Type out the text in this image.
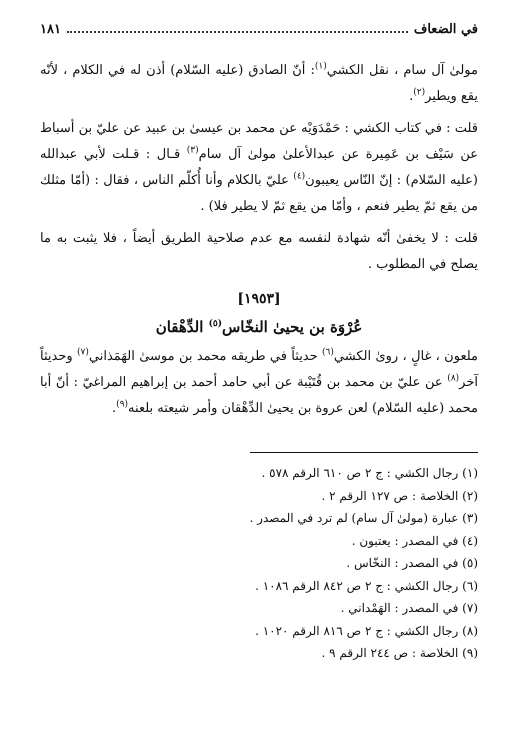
في الضعاف
١٨١

مولىٰ آل سام ، نقل الكشي$^{(١)}$: أنّ الصادق (عليه السّلام) أذن له في الكلام ، لأنّه يقع ويطير$^{(٢)}$.

قلت : في كتاب الكشي : حَمْدَوَيْه عن محمد بن عيسىٰ بن عبيد عن عليّ بن أسباط عن سَيْف بن عَمِيرة عن عبدالأعلىٰ مولىٰ آل سام$^{(٣)}$ قـال : قـلت لأبي عبدالله (عليه السّلام) : إنّ النّاس يعيبون$^{(٤)}$ عليّ بالكلام وأنا أُكلّم الناس ، فقال : (أمّا مثلك من يقع ثمّ يطير فنعم ، وأمّا من يقع ثمّ لا يطير فلا) .

قلت : لا يخفىٰ أنّه شهادة لنفسه مع عدم صلاحية الطريق أيضاً ، فلا يثبت به ما يصلح في المطلوب .

[١٩٥٣]
عُرْوَة بن يحيىٰ النخّاس$^{(٥)}$ الدِّهْقان

ملعون ، غالٍ ، روىٰ الكشي$^{(٦)}$ حديثاً في طريقه محمد بن موسىٰ الهَمَذاني$^{(٧)}$ وحديثاً آخر$^{(٨)}$ عن عليّ بن محمد بن قُتَيْبة عن أبي حامد أحمد بن إبراهيم المراغيّ : أنّ أبا محمد (عليه السّلام) لعن عروة بن يحيىٰ الدِّهْقان وأمر شيعته بلعنه$^{(٩)}$.

(١) رجال الكشي : ج ٢ ص ٦١٠ الرقم ٥٧٨ .
(٢) الخلاصة : ص ١٢٧ الرقم ٢ .
(٣) عبارة (مولىٰ آل سام) لم ترد في المصدر .
(٤) في المصدر : يعتبون .
(٥) في المصدر : النخّاس .
(٦) رجال الكشي : ج ٢ ص ٨٤٢ الرقم ١٠٨٦ .
(٧) في المصدر : الهَمْداني .
(٨) رجال الكشي : ج ٢ ص ٨١٦ الرقم ١٠٢٠ .
(٩) الخلاصة : ص ٢٤٤ الرقم ٩ .
